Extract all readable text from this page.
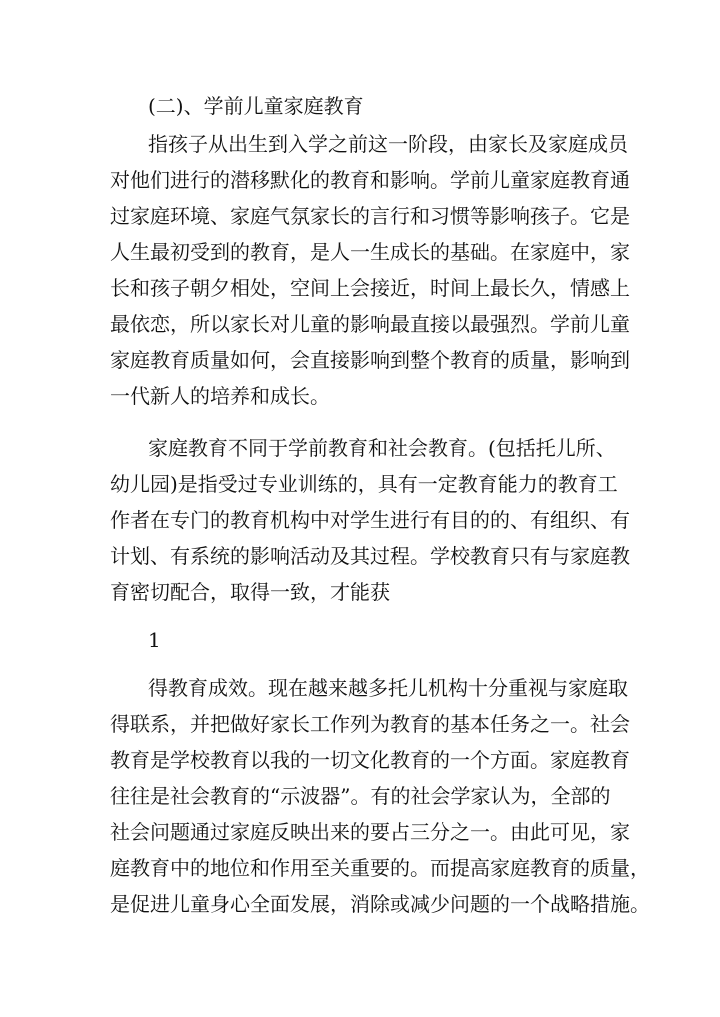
(二)、学前儿童家庭教育
指孩子从出生到入学之前这一阶段，由家长及家庭成员
对他们进行的潜移默化的教育和影响。学前儿童家庭教育通
过家庭环境、家庭气氛家长的言行和习惯等影响孩子。它是
人生最初受到的教育，是人一生成长的基础。在家庭中，家
长和孩子朝夕相处，空间上会接近，时间上最长久，情感上
最依恋，所以家长对儿童的影响最直接以最强烈。学前儿童
家庭教育质量如何，会直接影响到整个教育的质量，影响到
一代新人的培养和成长。
家庭教育不同于学前教育和社会教育。(包括托儿所、
幼儿园)是指受过专业训练的，具有一定教育能力的教育工
作者在专门的教育机构中对学生进行有目的的、有组织、有
计划、有系统的影响活动及其过程。学校教育只有与家庭教
育密切配合，取得一致，才能获
1
得教育成效。现在越来越多托儿机构十分重视与家庭取
得联系，并把做好家长工作列为教育的基本任务之一。社会
教育是学校教育以我的一切文化教育的一个方面。家庭教育
往往是社会教育的“示波器”。有的社会学家认为，全部的
社会问题通过家庭反映出来的要占三分之一。由此可见，家
庭教育中的地位和作用至关重要的。而提高家庭教育的质量，
是促进儿童身心全面发展，消除或减少问题的一个战略措施。
